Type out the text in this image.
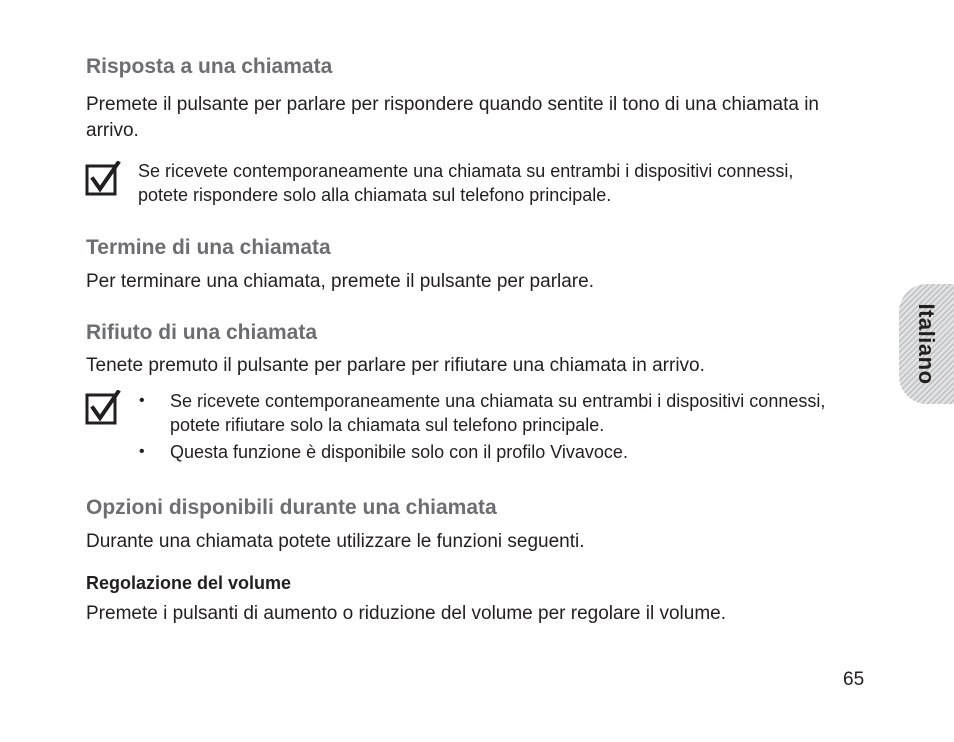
Risposta a una chiamata
Premete il pulsante per parlare per rispondere quando sentite il tono di una chiamata in arrivo.
Se ricevete contemporaneamente una chiamata su entrambi i dispositivi connessi, potete rispondere solo alla chiamata sul telefono principale.
Termine di una chiamata
Per terminare una chiamata, premete il pulsante per parlare.
Rifiuto di una chiamata
Tenete premuto il pulsante per parlare per rifiutare una chiamata in arrivo.
• Se ricevete contemporaneamente una chiamata su entrambi i dispositivi connessi, potete rifiutare solo la chiamata sul telefono principale.
• Questa funzione è disponibile solo con il profilo Vivavoce.
Opzioni disponibili durante una chiamata
Durante una chiamata potete utilizzare le funzioni seguenti.
Regolazione del volume
Premete i pulsanti di aumento o riduzione del volume per regolare il volume.
Italiano
65
